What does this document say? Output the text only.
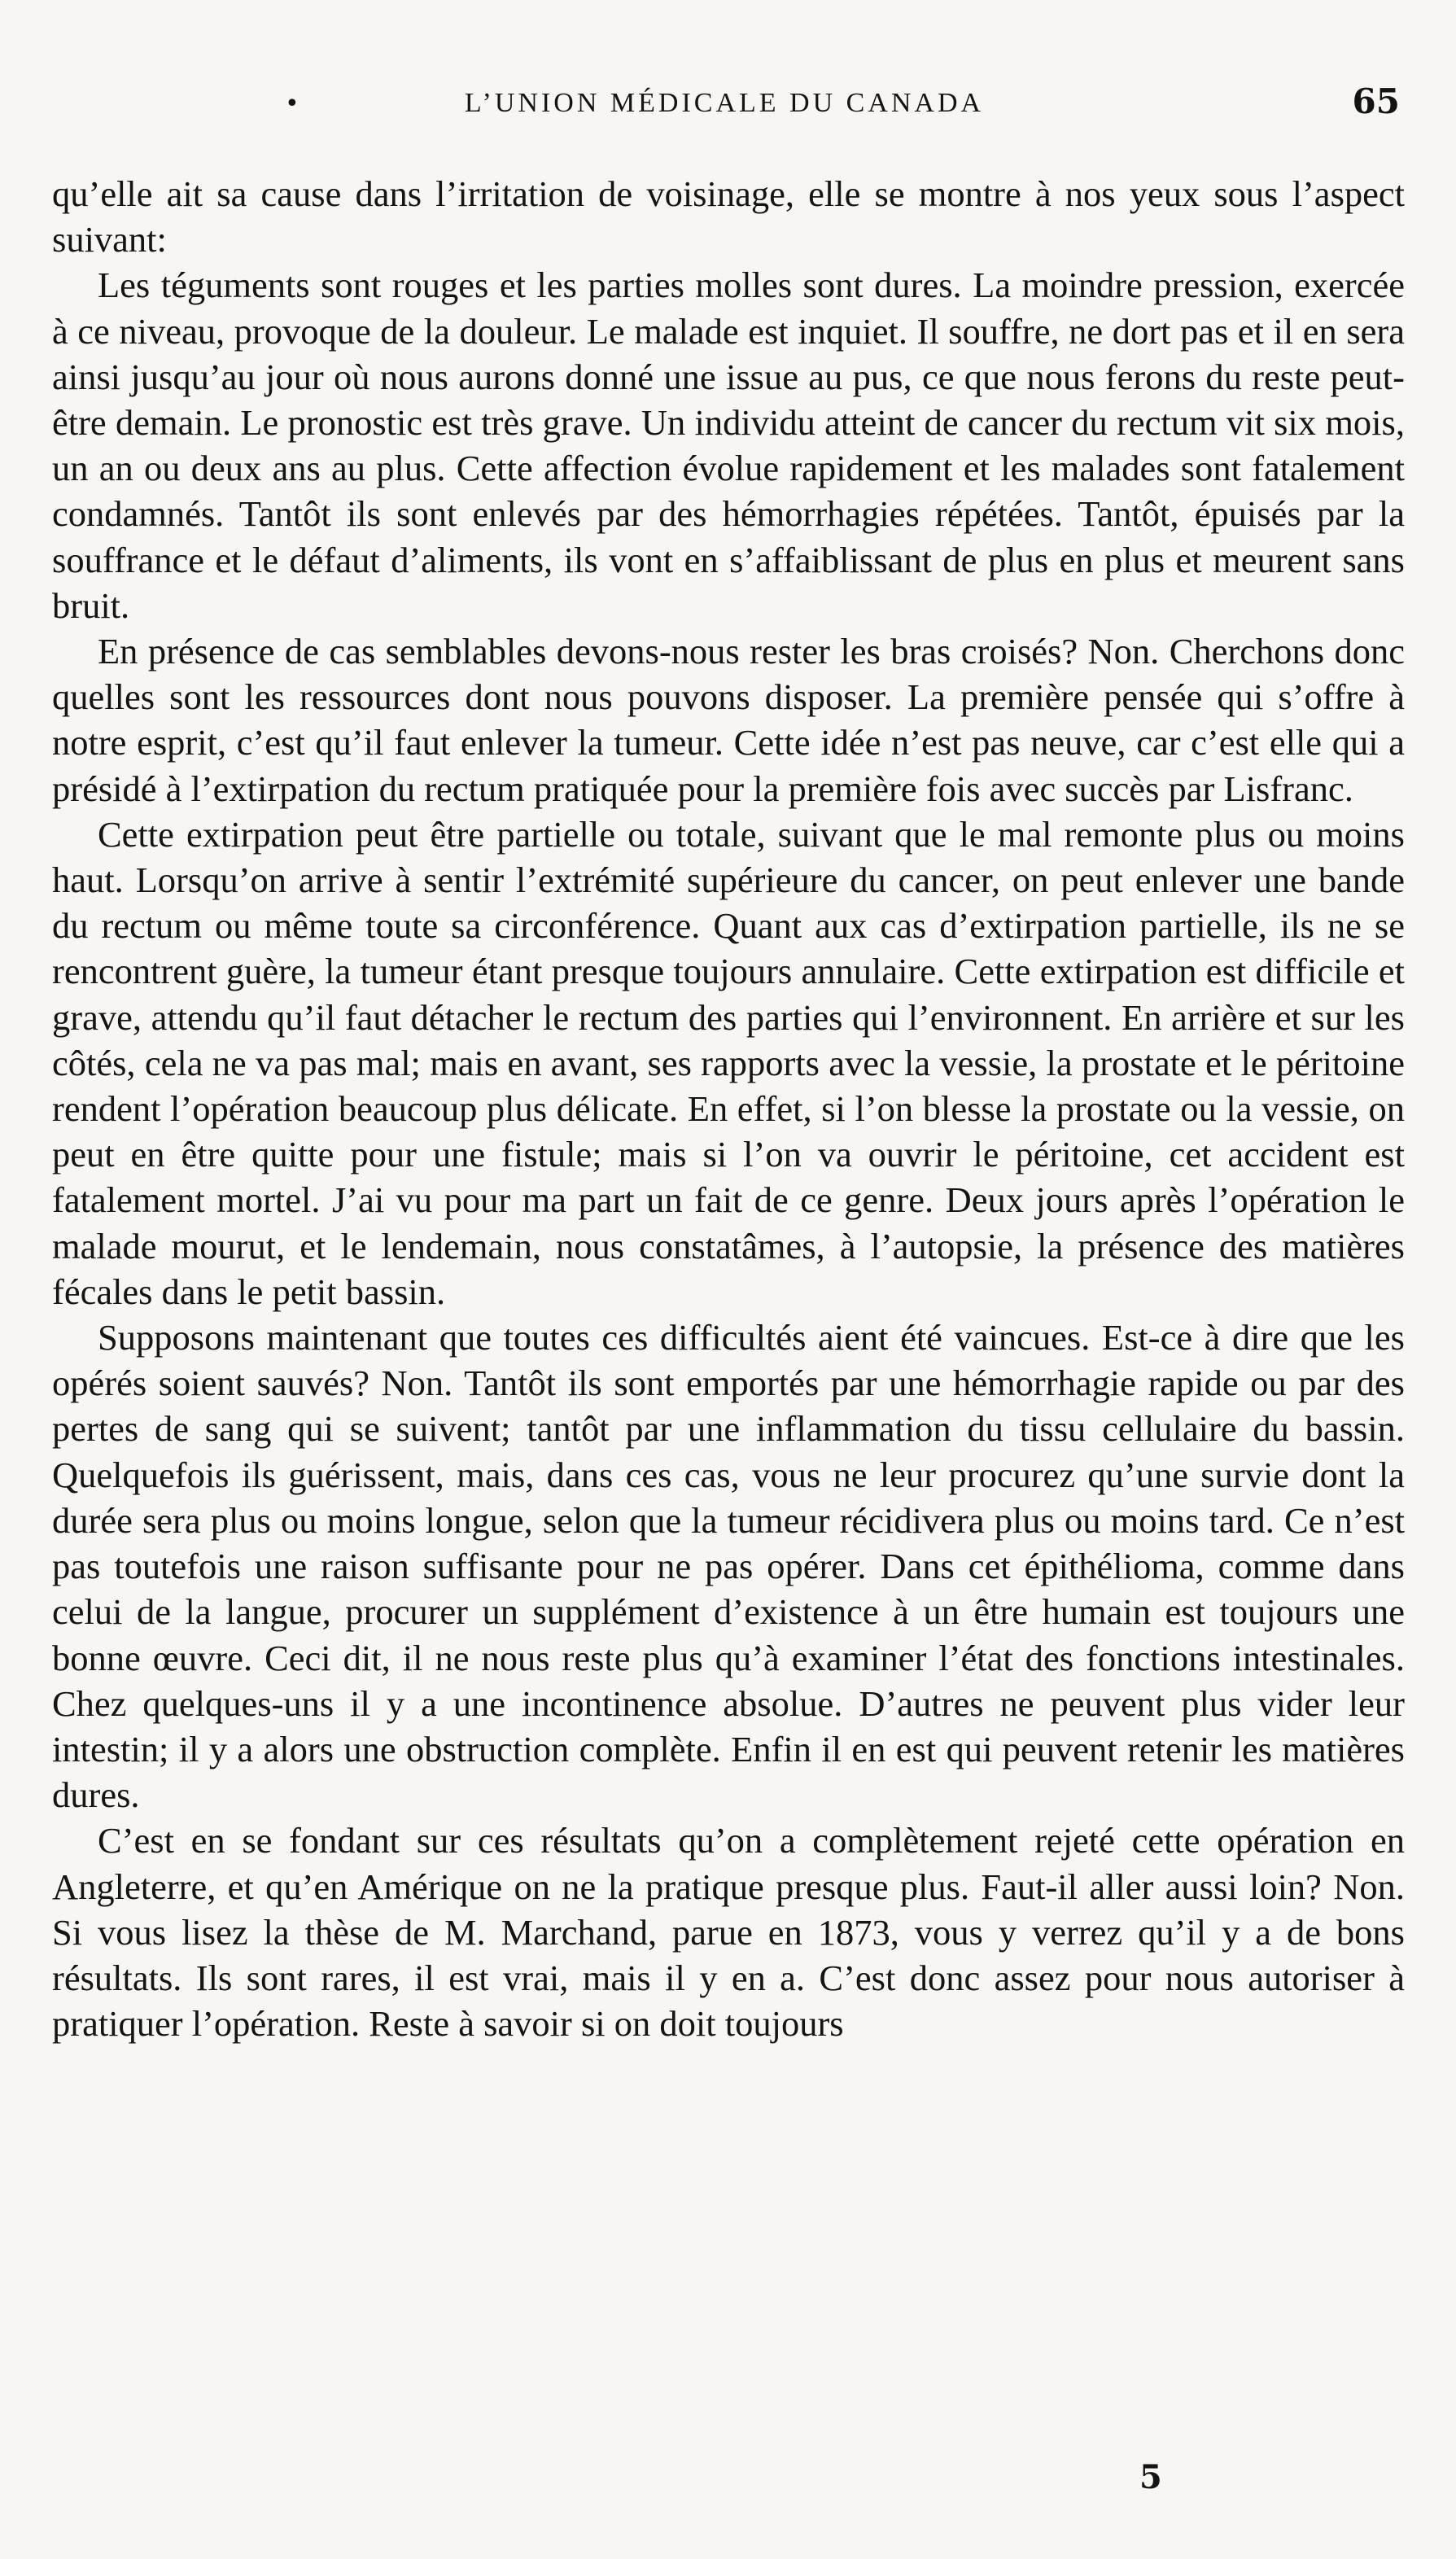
•	L’UNION MÉDICALE DU CANADA	65

qu’elle ait sa cause dans l’irritation de voisinage, elle se montre à nos yeux sous l’aspect suivant:

Les téguments sont rouges et les parties molles sont dures. La moindre pression, exercée à ce niveau, provoque de la douleur. Le malade est inquiet. Il souffre, ne dort pas et il en sera ainsi jusqu’au jour où nous aurons donné une issue au pus, ce que nous ferons du reste peut-être demain. Le pronostic est très grave. Un individu atteint de cancer du rectum vit six mois, un an ou deux ans au plus. Cette affection évolue rapidement et les malades sont fatalement condamnés. Tantôt ils sont enlevés par des hémorrhagies répétées. Tantôt, épuisés par la souffrance et le défaut d’aliments, ils vont en s’affaiblissant de plus en plus et meurent sans bruit.

En présence de cas semblables devons-nous rester les bras croisés? Non. Cherchons donc quelles sont les ressources dont nous pouvons disposer. La première pensée qui s’offre à notre esprit, c’est qu’il faut enlever la tumeur. Cette idée n’est pas neuve, car c’est elle qui a présidé à l’extirpation du rectum pratiquée pour la première fois avec succès par Lisfranc.

Cette extirpation peut être partielle ou totale, suivant que le mal remonte plus ou moins haut. Lorsqu’on arrive à sentir l’extrémité supérieure du cancer, on peut enlever une bande du rectum ou même toute sa circonférence. Quant aux cas d’extirpation partielle, ils ne se rencontrent guère, la tumeur étant presque toujours annulaire. Cette extirpation est difficile et grave, attendu qu’il faut détacher le rectum des parties qui l’environnent. En arrière et sur les côtés, cela ne va pas mal; mais en avant, ses rapports avec la vessie, la prostate et le péritoine rendent l’opération beaucoup plus délicate. En effet, si l’on blesse la prostate ou la vessie, on peut en être quitte pour une fistule; mais si l’on va ouvrir le péritoine, cet accident est fatalement mortel. J’ai vu pour ma part un fait de ce genre. Deux jours après l’opération le malade mourut, et le lendemain, nous constatâmes, à l’autopsie, la présence des matières fécales dans le petit bassin.

Supposons maintenant que toutes ces difficultés aient été vaincues. Est-ce à dire que les opérés soient sauvés? Non. Tantôt ils sont emportés par une hémorrhagie rapide ou par des pertes de sang qui se suivent; tantôt par une inflammation du tissu cellulaire du bassin. Quelquefois ils guérissent, mais, dans ces cas, vous ne leur procurez qu’une survie dont la durée sera plus ou moins longue, selon que la tumeur récidivera plus ou moins tard. Ce n’est pas toutefois une raison suffisante pour ne pas opérer. Dans cet épithélioma, comme dans celui de la langue, procurer un supplément d’existence à un être humain est toujours une bonne œuvre. Ceci dit, il ne nous reste plus qu’à examiner l’état des fonctions intestinales. Chez quelques-uns il y a une incontinence absolue. D’autres ne peuvent plus vider leur intestin; il y a alors une obstruction complète. Enfin il en est qui peuvent retenir les matières dures.

C’est en se fondant sur ces résultats qu’on a complètement rejeté cette opération en Angleterre, et qu’en Amérique on ne la pratique presque plus. Faut-il aller aussi loin? Non. Si vous lisez la thèse de M. Marchand, parue en 1873, vous y verrez qu’il y a de bons résultats. Ils sont rares, il est vrai, mais il y en a. C’est donc assez pour nous autoriser à pratiquer l’opération. Reste à savoir si on doit toujours

5
